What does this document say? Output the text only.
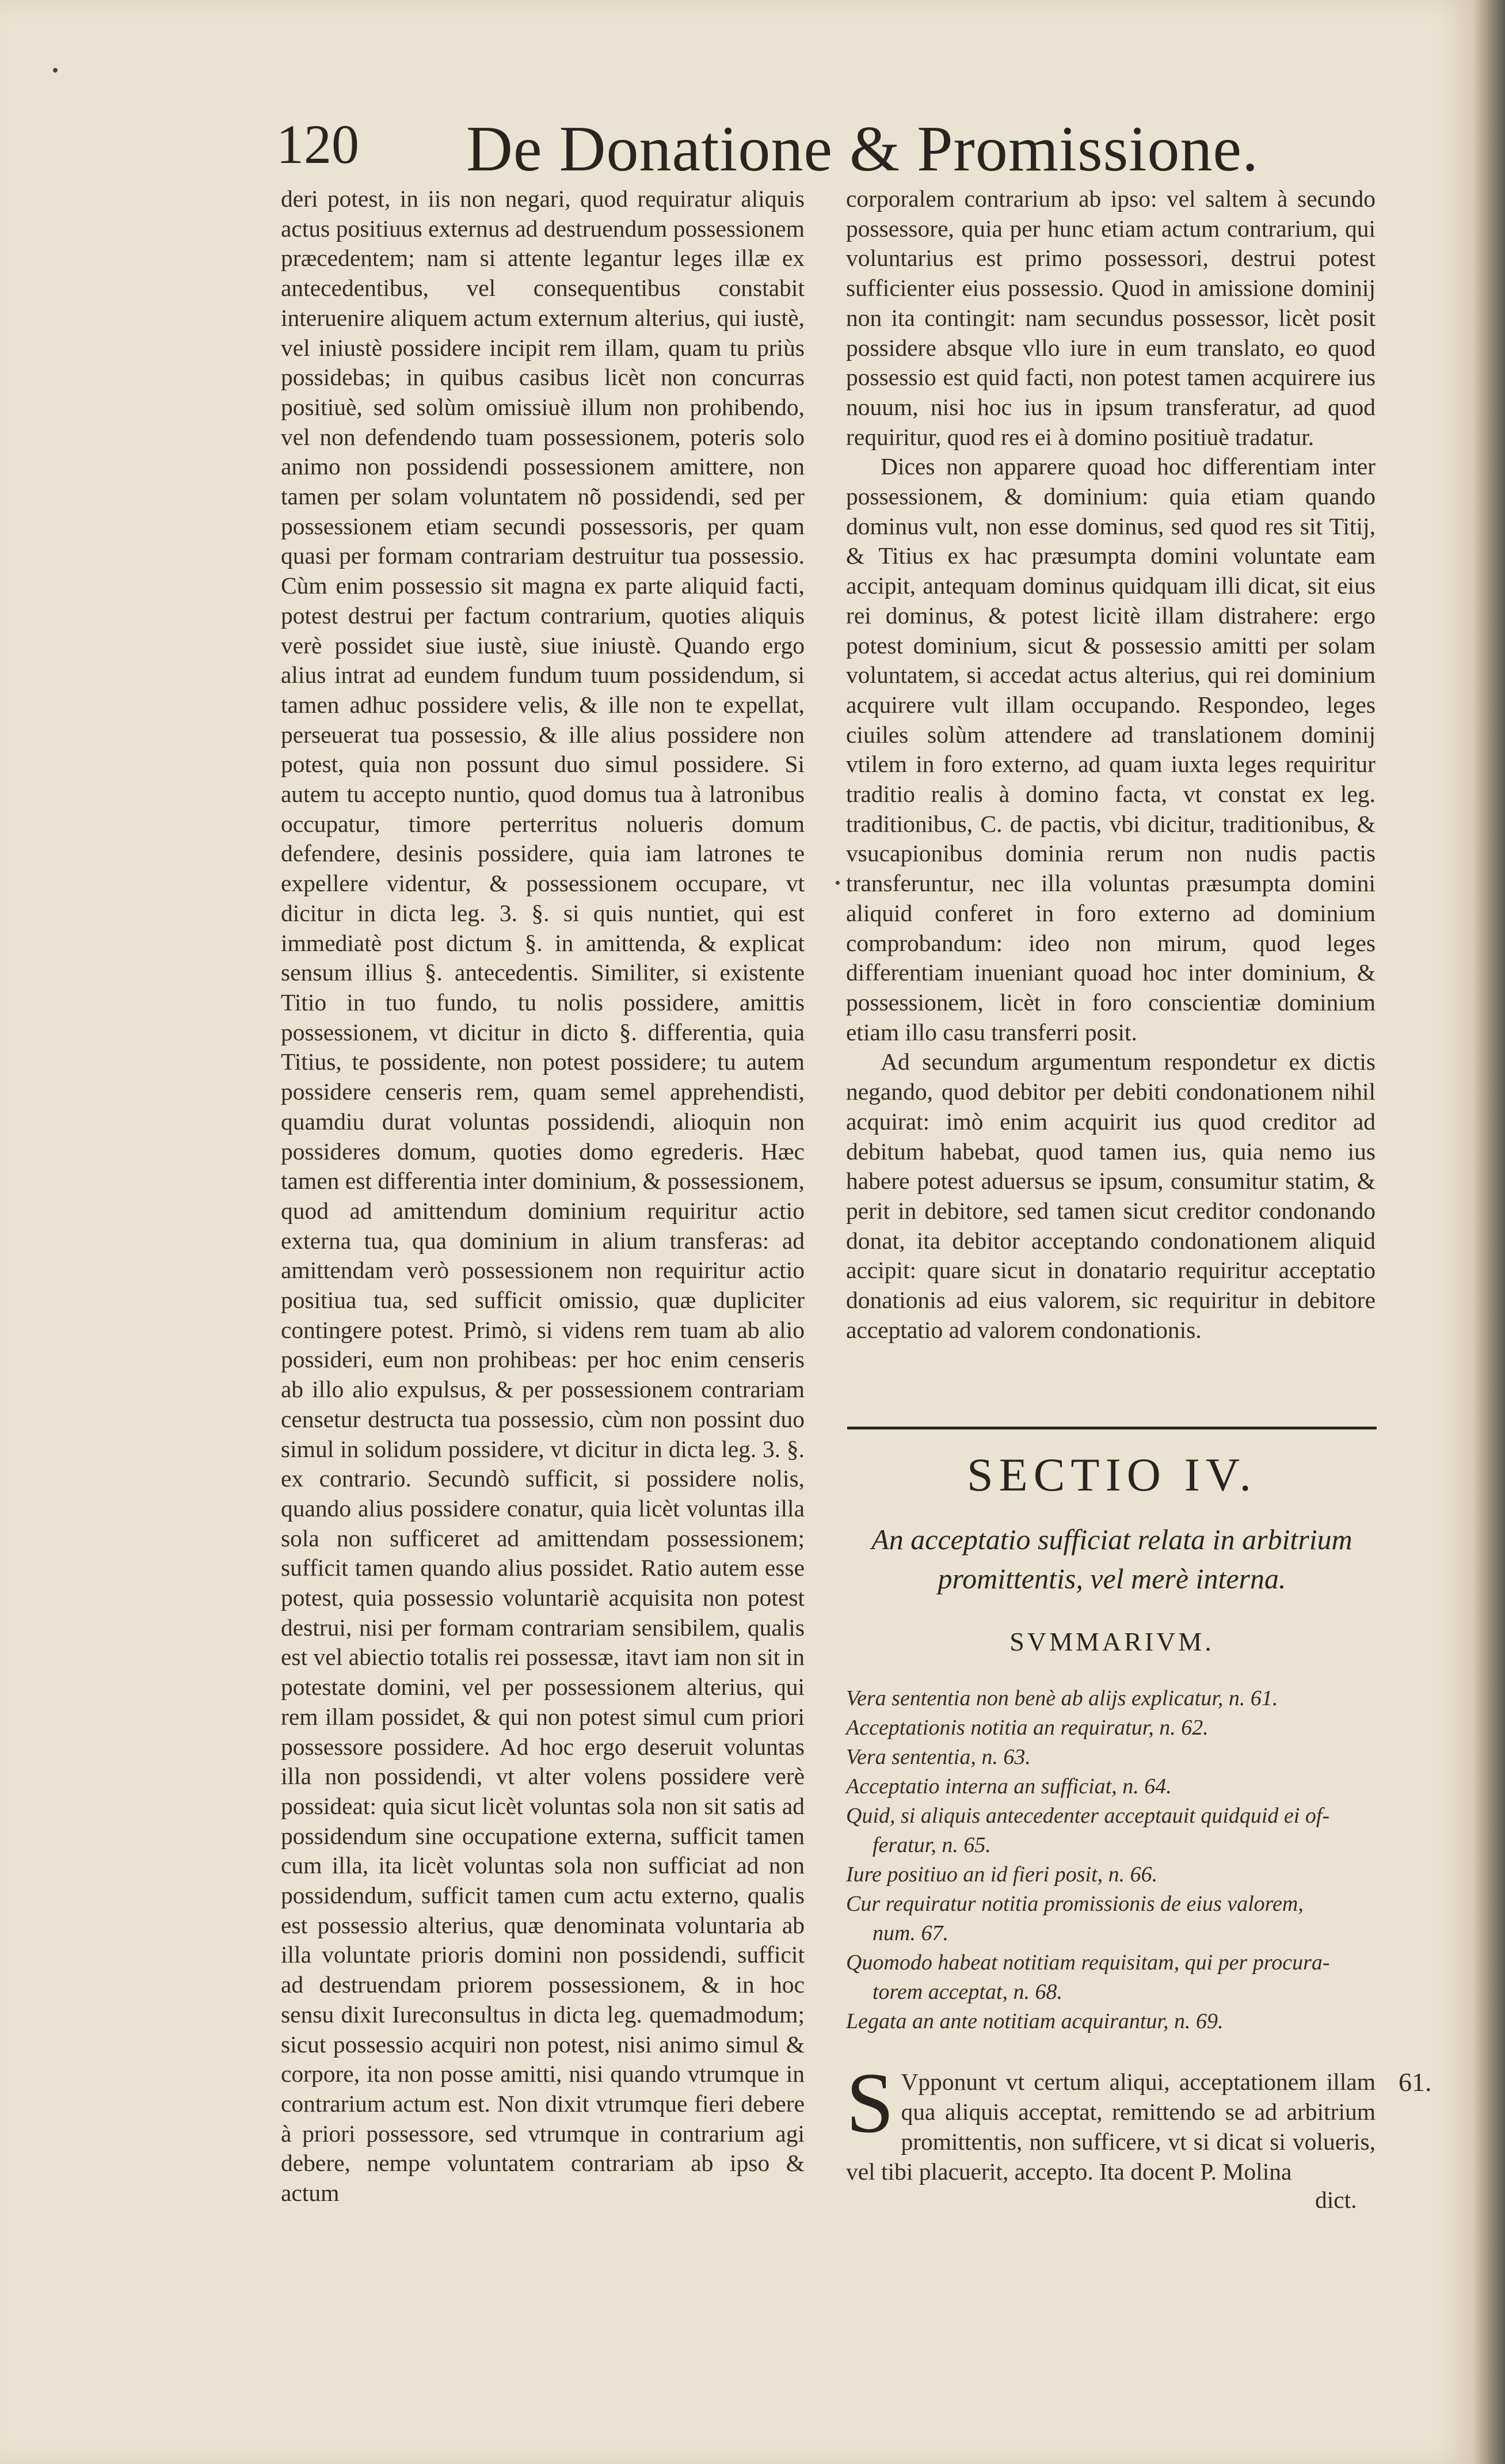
120 De Donatione & Promissione.

deri potest, in iis non negari, quod requiratur aliquis actus positiuus externus ad destruendum possessionem præcedentem; nam si attente legantur leges illæ ex antecedentibus, vel consequentibus constabit interuenire aliquem actum externum alterius, qui iustè, vel iniustè possidere incipit rem illam, quam tu priùs possidebas; in quibus casibus licèt non concurras positiuè, sed solùm omissiuè illum non prohibendo, vel non defendendo tuam possessionem, poteris solo animo non possidendi possessionem amittere, non tamen per solam voluntatem nõ possidendi, sed per possessionem etiam secundi possessoris, per quam quasi per formam contrariam destruitur tua possessio. Cùm enim possessio sit magna ex parte aliquid facti, potest destrui per factum contrarium, quoties aliquis verè possidet siue iustè, siue iniustè. Quando ergo alius intrat ad eundem fundum tuum possidendum, si tamen adhuc possidere velis, & ille non te expellat, perseuerat tua possessio, & ille alius possidere non potest, quia non possunt duo simul possidere. Si autem tu accepto nuntio, quod domus tua à latronibus occupatur, timore perterritus nolueris domum defendere, desinis possidere, quia iam latrones te expellere videntur, & possessionem occupare, vt dicitur in dicta leg. 3. §. si quis nuntiet, qui est immediatè post dictum §. in amittenda, & explicat sensum illius §. antecedentis. Similiter, si existente Titio in tuo fundo, tu nolis possidere, amittis possessionem, vt dicitur in dicto §. differentia, quia Titius, te possidente, non potest possidere; tu autem possidere censeris rem, quam semel apprehendisti, quamdiu durat voluntas possidendi, alioquin non possideres domum, quoties domo egrederis. Hæc tamen est differentia inter dominium, & possessionem, quod ad amittendum dominium requiritur actio externa tua, qua dominium in alium transferas: ad amittendam verò possessionem non requiritur actio positiua tua, sed sufficit omissio, quæ dupliciter contingere potest. Primò, si videns rem tuam ab alio possideri, eum non prohibeas: per hoc enim censeris ab illo alio expulsus, & per possessionem contrariam censetur destructa tua possessio, cùm non possint duo simul in solidum possidere, vt dicitur in dicta leg. 3. §. ex contrario. Secundò sufficit, si possidere nolis, quando alius possidere conatur, quia licèt voluntas illa sola non sufficeret ad amittendam possessionem; sufficit tamen quando alius possidet. Ratio autem esse potest, quia possessio voluntariè acquisita non potest destrui, nisi per formam contrariam sensibilem, qualis est vel abiectio totalis rei possessæ, itavt iam non sit in potestate domini, vel per possessionem alterius, qui rem illam possidet, & qui non potest simul cum priori possessore possidere. Ad hoc ergo deseruit voluntas illa non possidendi, vt alter volens possidere verè possideat: quia sicut licèt voluntas sola non sit satis ad possidendum sine occupatione externa, sufficit tamen cum illa, ita licèt voluntas sola non sufficiat ad non possidendum, sufficit tamen cum actu externo, qualis est possessio alterius, quæ denominata voluntaria ab illa voluntate prioris domini non possidendi, sufficit ad destruendam priorem possessionem, & in hoc sensu dixit Iureconsultus in dicta leg. quemadmodum; sicut possessio acquiri non potest, nisi animo simul & corpore, ita non posse amitti, nisi quando vtrumque in contrarium actum est. Non dixit vtrumque fieri debere à priori possessore, sed vtrumque in contrarium agi debere, nempe voluntatem contrariam ab ipso & actum

corporalem contrarium ab ipso: vel saltem à secundo possessore, quia per hunc etiam actum contrarium, qui voluntarius est primo possessori, destrui potest sufficienter eius possessio. Quod in amissione dominij non ita contingit: nam secundus possessor, licèt posit possidere absque vllo iure in eum translato, eo quod possessio est quid facti, non potest tamen acquirere ius nouum, nisi hoc ius in ipsum transferatur, ad quod requiritur, quod res ei à domino positiuè tradatur.

Dices non apparere quoad hoc differentiam inter possessionem, & dominium: quia etiam quando dominus vult, non esse dominus, sed quod res sit Titij, & Titius ex hac præsumpta domini voluntate eam accipit, antequam dominus quidquam illi dicat, sit eius rei dominus, & potest licitè illam distrahere: ergo potest dominium, sicut & possessio amitti per solam voluntatem, si accedat actus alterius, qui rei dominium acquirere vult illam occupando. Respondeo, leges ciuiles solùm attendere ad translationem dominij vtilem in foro externo, ad quam iuxta leges requiritur traditio realis à domino facta, vt constat ex leg. traditionibus, C. de pactis, vbi dicitur, traditionibus, & vsucapionibus dominia rerum non nudis pactis transferuntur, nec illa voluntas præsumpta domini aliquid conferet in foro externo ad dominium comprobandum: ideo non mirum, quod leges differentiam inueniant quoad hoc inter dominium, & possessionem, licèt in foro conscientiæ dominium etiam illo casu transferri posit.

Ad secundum argumentum respondetur ex dictis negando, quod debitor per debiti condonationem nihil acquirat: imò enim acquirit ius quod creditor ad debitum habebat, quod tamen ius, quia nemo ius habere potest aduersus se ipsum, consumitur statim, & perit in debitore, sed tamen sicut creditor condonando donat, ita debitor acceptando condonationem aliquid accipit: quare sicut in donatario requiritur acceptatio donationis ad eius valorem, sic requiritur in debitore acceptatio ad valorem condonationis.

SECTIO IV.
An acceptatio sufficiat relata in arbitrium
promittentis, vel merè interna.
SVMMARIVM.
Vera sententia non benè ab alijs explicatur, n. 61.
Acceptationis notitia an requiratur, n. 62.
Vera sententia, n. 63.
Acceptatio interna an sufficiat, n. 64.
Quid, si aliquis antecedenter acceptauit quidquid ei of-
feratur, n. 65.
Iure positiuo an id fieri posit, n. 66.
Cur requiratur notitia promissionis de eius valorem,
num. 67.
Quomodo habeat notitiam requisitam, qui per procura-
torem acceptat, n. 68.
Legata an ante notitiam acquirantur, n. 69.
S Vpponunt vt certum aliqui, acceptationem illam qua aliquis acceptat, remittendo se ad arbitrium promittentis, non sufficere, vt si dicat si volueris, vel tibi placuerit, accepto. Ita docent P. Molina
61.
dict.
